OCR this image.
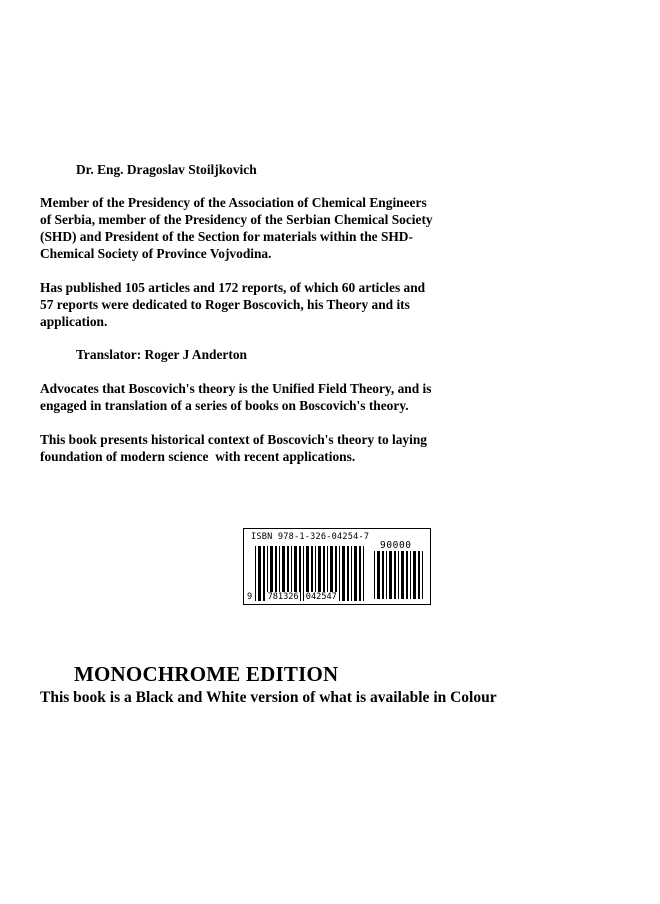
Dr. Eng. Dragoslav Stoiljkovich

Member of the Presidency of the Association of Chemical Engineers

of Serbia, member of the Presidency of the Serbian Chemical Society

(SHD) and President of the Section for materials within the SHD-

Chemical Society of Province Vojvodina.

Has published 105 articles and 172 reports, of which 60 articles and

57 reports were dedicated to Roger Boscovich, his Theory and its

application.

Translator: Roger J Anderton

Advocates that Boscovich's theory is the Unified Field Theory, and is

engaged in translation of a series of books on Boscovich's theory.

This book presents historical context of Boscovich's theory to laying

foundation of modern science  with recent applications.

ISBN 978-1-326-04254-7
90000
9 781326 042547
MONOCHROME EDITION

This book is a Black and White version of what is available in Colour
